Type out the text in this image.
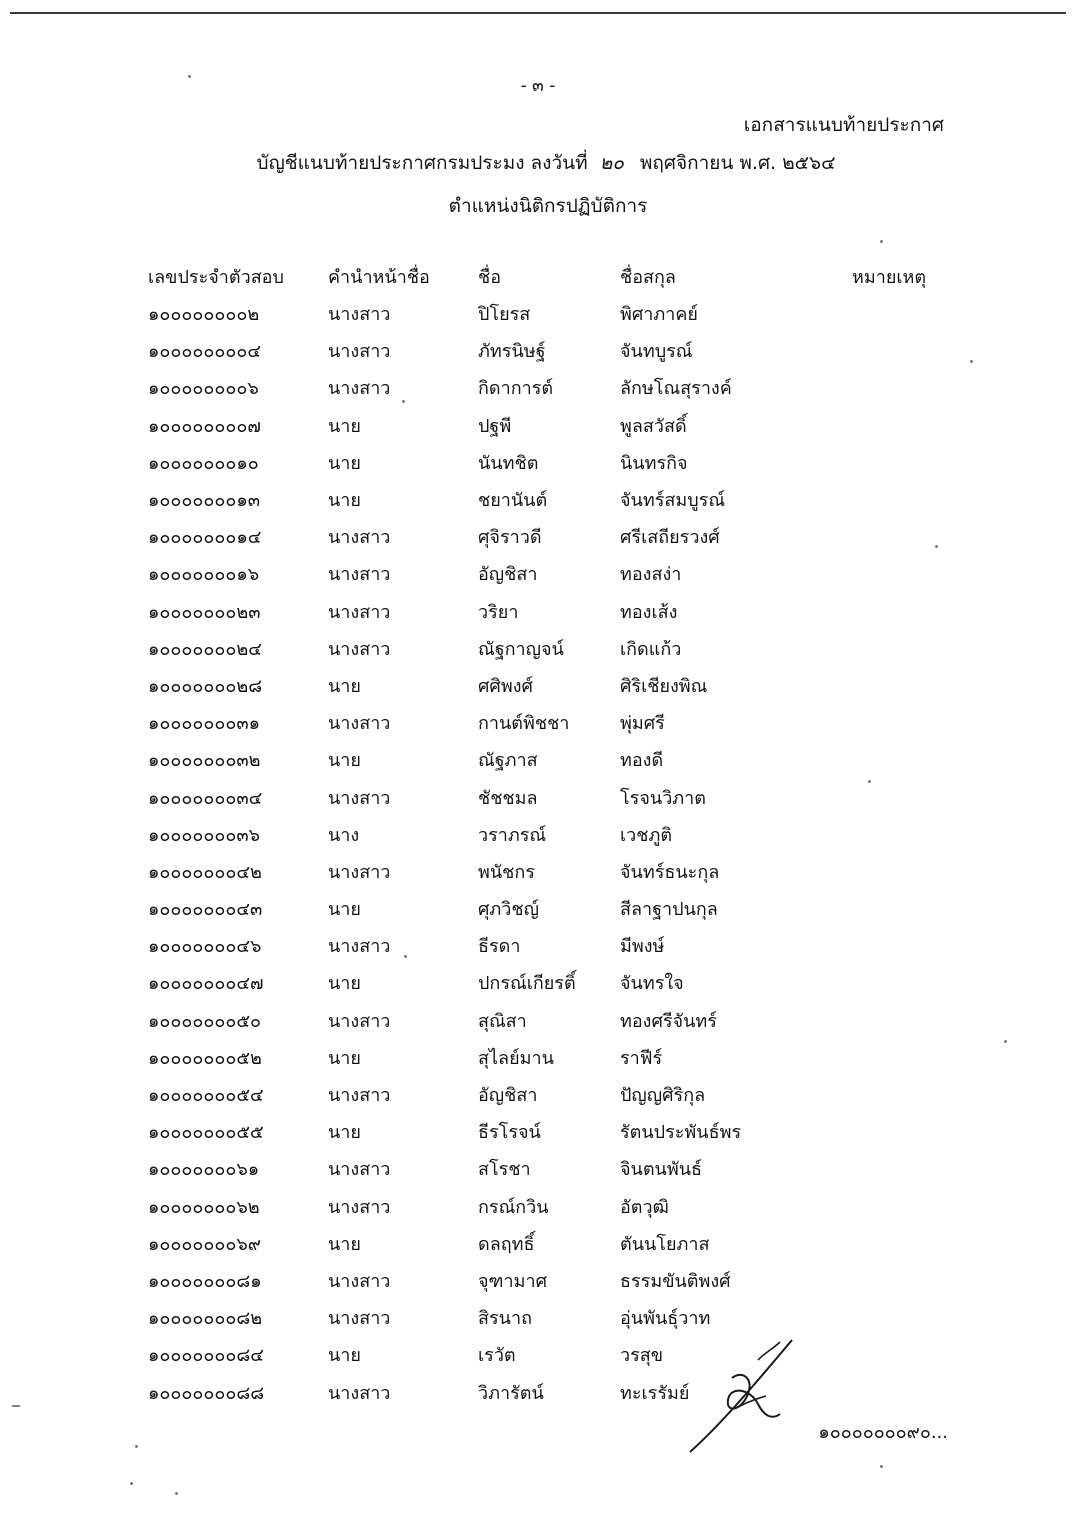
- ๓ -
เอกสารแนบท้ายประกาศ
บัญชีแนบท้ายประกาศกรมประมง ลงวันที่ ๒๐ พฤศจิกายน พ.ศ. ๒๕๖๔
ตำแหน่งนิติกรปฏิบัติการ
เลขประจำตัวสอบ	คำนำหน้าชื่อ	ชื่อ	ชื่อสกุล	หมายเหตุ
๑๐๐๐๐๐๐๐๐๒	นางสาว	ปิโยรส	พิศาภาคย์	
๑๐๐๐๐๐๐๐๐๔	นางสาว	ภัทรนิษฐ์	จันทบูรณ์	
๑๐๐๐๐๐๐๐๐๖	นางสาว	กิดาการต์	ลักษโณสุรางค์	
๑๐๐๐๐๐๐๐๐๗	นาย	ปฐพี	พูลสวัสดิ์	
๑๐๐๐๐๐๐๐๑๐	นาย	นันทชิต	นินทรกิจ	
๑๐๐๐๐๐๐๐๑๓	นาย	ชยานันต์	จันทร์สมบูรณ์	
๑๐๐๐๐๐๐๐๑๔	นางสาว	ศุจิราวดี	ศรีเสถียรวงศ์	
๑๐๐๐๐๐๐๐๑๖	นางสาว	อัญชิสา	ทองสง่า	
๑๐๐๐๐๐๐๐๒๓	นางสาว	วริยา	ทองเส้ง	
๑๐๐๐๐๐๐๐๒๔	นางสาว	ณัฐกาญจน์	เกิดแก้ว	
๑๐๐๐๐๐๐๐๒๘	นาย	ศศิพงศ์	ศิริเชียงพิณ	
๑๐๐๐๐๐๐๐๓๑	นางสาว	กานต์พิชชา	พุ่มศรี	
๑๐๐๐๐๐๐๐๓๒	นาย	ณัฐภาส	ทองดี	
๑๐๐๐๐๐๐๐๓๔	นางสาว	ชัชชมล	โรจนวิภาต	
๑๐๐๐๐๐๐๐๓๖	นาง	วราภรณ์	เวชภูติ	
๑๐๐๐๐๐๐๐๔๒	นางสาว	พนัชกร	จันทร์ธนะกุล	
๑๐๐๐๐๐๐๐๔๓	นาย	ศุภวิชญ์	สีลาฐาปนกุล	
๑๐๐๐๐๐๐๐๔๖	นางสาว	ธีรดา	มีพงษ์	
๑๐๐๐๐๐๐๐๔๗	นาย	ปกรณ์เกียรติ์	จันทรใจ	
๑๐๐๐๐๐๐๐๕๐	นางสาว	สุณิสา	ทองศรีจันทร์	
๑๐๐๐๐๐๐๐๕๒	นาย	สุไลย์มาน	ราฟีร์	
๑๐๐๐๐๐๐๐๕๔	นางสาว	อัญชิสา	ปัญญศิริกุล	
๑๐๐๐๐๐๐๐๕๕	นาย	ธีรโรจน์	รัตนประพันธ์พร	
๑๐๐๐๐๐๐๐๖๑	นางสาว	สโรชา	จินตนพันธ์	
๑๐๐๐๐๐๐๐๖๒	นางสาว	กรณ์กวิน	อัตวุฒิ	
๑๐๐๐๐๐๐๐๖๙	นาย	ดลฤทธิ์	ตันนโยภาส	
๑๐๐๐๐๐๐๐๘๑	นางสาว	จุฑามาศ	ธรรมขันติพงศ์	
๑๐๐๐๐๐๐๐๘๒	นางสาว	สิรนาถ	อุ่นพันธุ์วาท	
๑๐๐๐๐๐๐๐๘๔	นาย	เรวัต	วรสุข	
๑๐๐๐๐๐๐๐๘๘	นางสาว	วิภารัตน์	ทะเรรัมย์	
๑๐๐๐๐๐๐๐๙๐...
